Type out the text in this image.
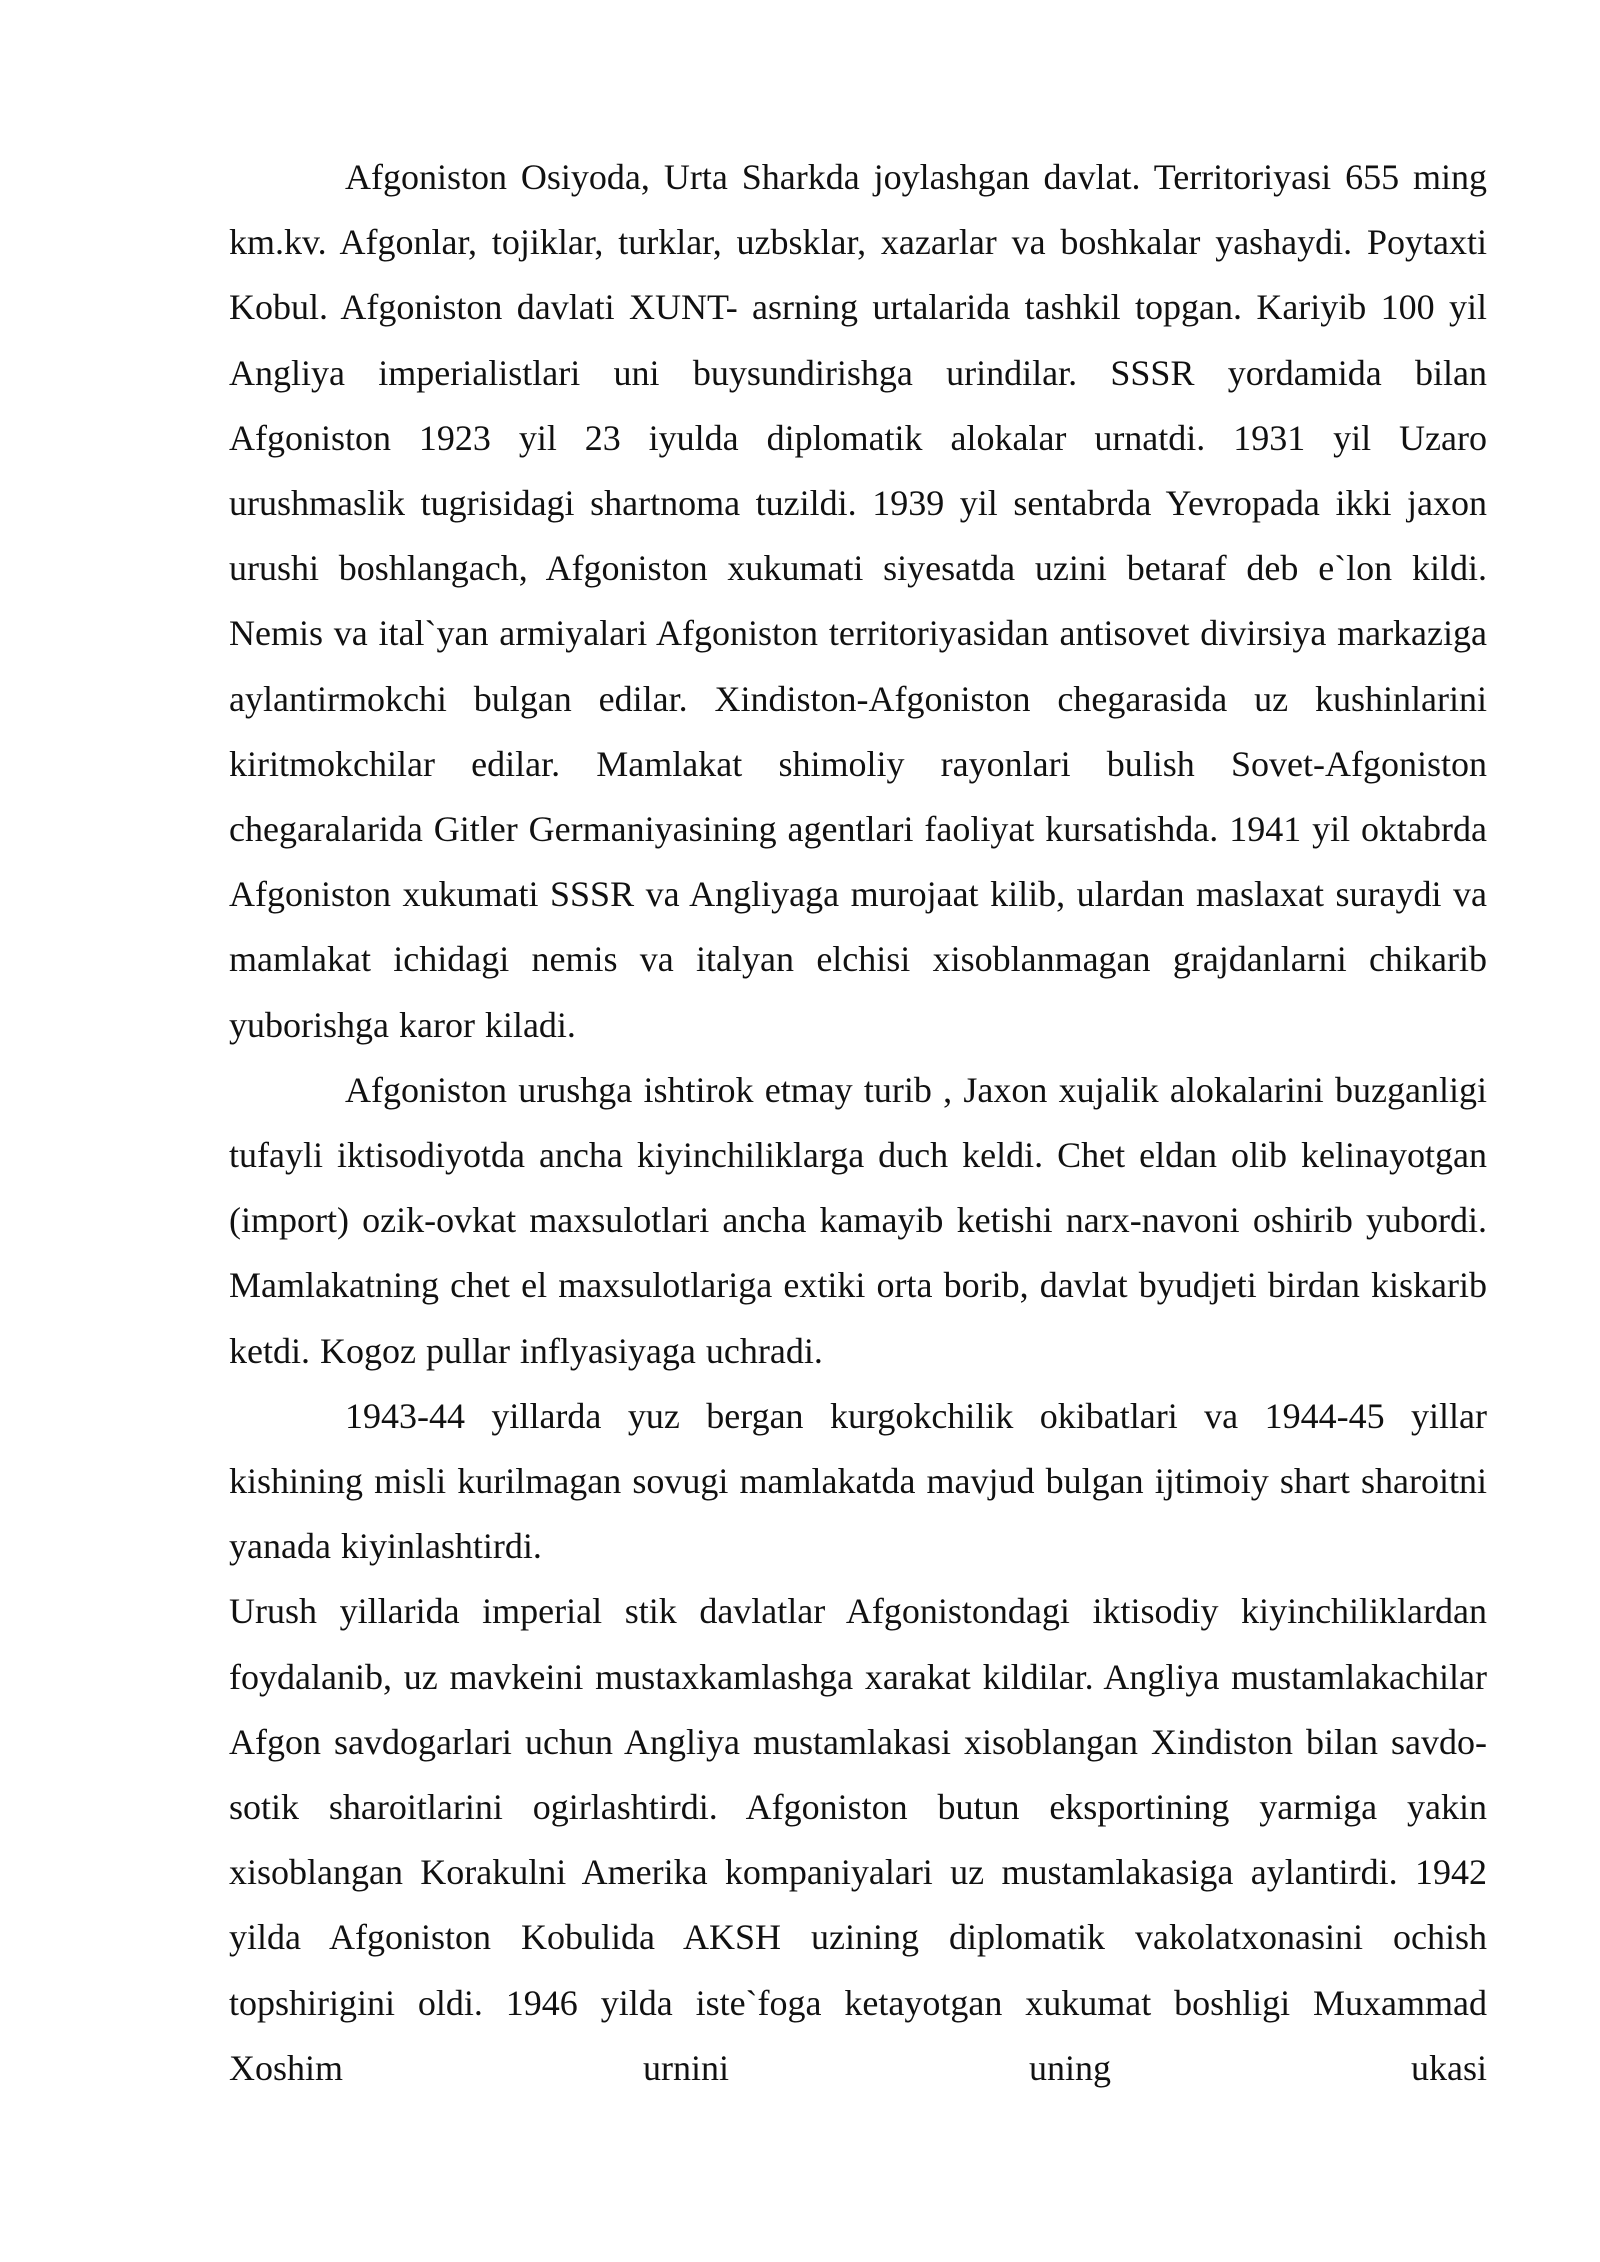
Afgoniston Osiyoda, Urta Sharkda joylashgan davlat. Territoriyasi 655 ming km.kv. Afgonlar, tojiklar, turklar, uzbsklar, xazarlar va boshkalar yashaydi. Poytaxti Kobul. Afgoniston davlati XUNT- asrning urtalarida tashkil topgan. Kariyib 100 yil Angliya imperialistlari uni buysundirishga urindilar. SSSR yordamida bilan Afgoniston 1923 yil 23 iyulda diplomatik alokalar urnatdi. 1931 yil Uzaro urushmaslik tugrisidagi shartnoma tuzildi. 1939 yil sentabrda Yevropada ikki jaxon urushi boshlangach, Afgoniston xukumati siyesatda uzini betaraf deb e`lon kildi. Nemis va ital`yan armiyalari Afgoniston territoriyasidan antisovet divirsiya markaziga aylantirmokchi bulgan edilar. Xindiston-Afgoniston chegarasida uz kushinlarini kiritmokchilar edilar. Mamlakat shimoliy rayonlari bulish Sovet-Afgoniston chegaralarida Gitler Germaniyasining agentlari faoliyat kursatishda. 1941 yil oktabrda Afgoniston xukumati SSSR va Angliyaga murojaat kilib, ulardan maslaxat suraydi va mamlakat ichidagi nemis va italyan elchisi xisoblanmagan grajdanlarni chikarib yuborishga karor kiladi.

Afgoniston urushga ishtirok etmay turib , Jaxon xujalik alokalarini buzganligi tufayli iktisodiyotda ancha kiyinchiliklarga duch keldi. Chet eldan olib kelinayotgan (import) ozik-ovkat maxsulotlari ancha kamayib ketishi narx-navoni oshirib yubordi. Mamlakatning chet el maxsulotlariga extiki orta borib, davlat byudjeti birdan kiskarib ketdi. Kogoz pullar inflyasiyaga uchradi.

1943-44 yillarda yuz bergan kurgokchilik okibatlari va 1944-45 yillar kishining misli kurilmagan sovugi mamlakatda mavjud bulgan ijtimoiy shart sharoitni yanada kiyinlashtirdi.

Urush yillarida imperial stik davlatlar Afgonistondagi iktisodiy kiyinchiliklardan foydalanib, uz mavkeini mustaxkamlashga xarakat kildilar. Angliya mustamlakachilar Afgon savdogarlari uchun Angliya mustamlakasi xisoblangan Xindiston bilan savdo-sotik sharoitlarini ogirlashtirdi. Afgoniston butun eksportining yarmiga yakin xisoblangan Korakulni Amerika kompaniyalari uz mustamlakasiga aylantirdi. 1942 yilda Afgoniston Kobulida AKSH uzining diplomatik vakolatxonasini ochish topshirigini oldi. 1946 yilda iste`foga ketayotgan xukumat boshligi Muxammad Xoshim urnini uning ukasi
